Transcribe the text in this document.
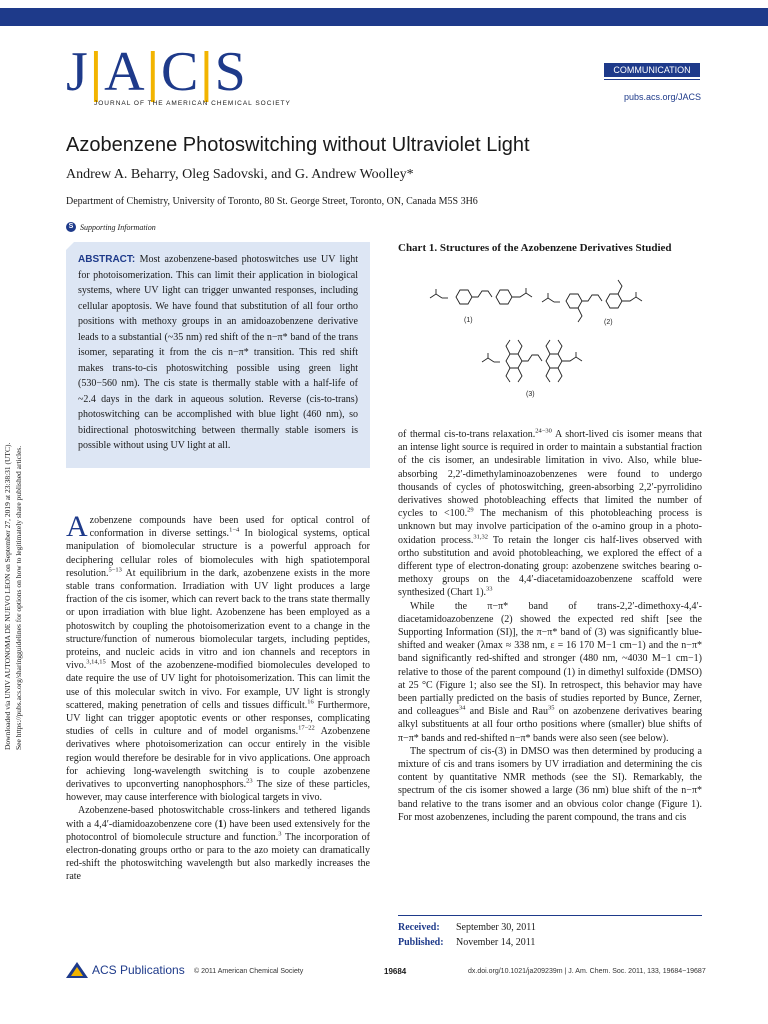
J|A|C|S
JOURNAL OF THE AMERICAN CHEMICAL SOCIETY
COMMUNICATION
pubs.acs.org/JACS
Azobenzene Photoswitching without Ultraviolet Light
Andrew A. Beharry, Oleg Sadovski, and G. Andrew Woolley*
Department of Chemistry, University of Toronto, 80 St. George Street, Toronto, ON, Canada M5S 3H6
S Supporting Information
ABSTRACT: Most azobenzene-based photoswitches use UV light for photoisomerization. This can limit their application in biological systems, where UV light can trigger unwanted responses, including cellular apoptosis. We have found that substitution of all four ortho positions with methoxy groups in an amidoazobenzene derivative leads to a substantial (~35 nm) red shift of the n−π* band of the trans isomer, separating it from the cis n−π* transition. This red shift makes trans-to-cis photoswitching possible using green light (530−560 nm). The cis state is thermally stable with a half-life of ~2.4 days in the dark in aqueous solution. Reverse (cis-to-trans) photoswitching can be accomplished with blue light (460 nm), so bidirectional photoswitching between thermally stable isomers is possible without using UV light at all.
Downloaded via UNIV AUTONOMA DE NUEVO LEON on September 27, 2019 at 23:38:31 (UTC). See https://pubs.acs.org/sharingguidelines for options on how to legitimately share published articles. Azobenzene compounds have been used for optical control of conformation in diverse settings.$^{1-4}$ In biological systems, optical manipulation of biomolecular structure is a powerful approach for deciphering cellular roles of biomolecules with high spatiotemporal resolution.$^{5-13}$ At equilibrium in the dark, azobenzene exists in the more stable trans conformation. Irradiation with UV light produces a large fraction of the cis isomer, which can revert back to the trans state thermally or upon irradiation with blue light. Azobenzene has been employed as a photoswitch by coupling the photoisomerization event to a change in the structure/function of numerous biomolecular targets, including peptides, proteins, and nucleic acids in vitro and ion channels and receptors in vivo.$^{3,14,15}$ Most of the azobenzene-modified biomolecules developed to date require the use of UV light for photoisomerization. This can limit the use of this molecular switch in vivo. For example, UV light is strongly scattered, making penetration of cells and tissues difficult.$^{16}$ Furthermore, UV light can trigger apoptotic events or other responses, complicating studies of cells in culture and of model organisms.$^{17-22}$ Azobenzene derivatives where photoisomerization can occur entirely in the visible region would therefore be desirable for in vivo applications. One approach for achieving long-wavelength switching is to couple azobenzene derivatives to upconverting nanophosphors.$^{23}$ The size of these particles, however, may cause interference with biological targets in vivo.

Azobenzene-based photoswitchable cross-linkers and tethered ligands with a 4,4′-diamidoazobenzene core (1) have been used extensively for the photocontrol of biomolecule structure and function.$^3$ The incorporation of electron-donating groups ortho or para to the azo moiety can dramatically red-shift the photoswitching wavelength but also markedly increases the rate

Chart 1. Structures of the Azobenzene Derivatives Studied
(1)	(2)
(3)

of thermal cis-to-trans relaxation.$^{24-30}$ A short-lived cis isomer means that an intense light source is required in order to maintain a substantial fraction of the cis isomer, an undesirable limitation in vivo. Also, while blue-absorbing 2,2′-dimethylaminoazobenzenes were found to undergo thousands of cycles of photoswitching, green-absorbing 2,2′-pyrrolidino derivatives showed photobleaching effects that limited the number of cycles to <100.29 The mechanism of this photobleaching process is unknown but may involve participation of the o-amino group in a photo-oxidation process.$^{31,32}$ To retain the longer cis half-lives observed with ortho substitution and avoid photobleaching, we explored the effect of a different type of electron-donating group: azobenzene switches bearing o-methoxy groups on the 4,4′-diacetamidoazobenzene scaffold were synthesized (Chart 1).$^{33}$

While the π−π* band of trans-2,2′-dimethoxy-4,4′-diacetamidoazobenzene (2) showed the expected red shift [see the Supporting Information (SI)], the π−π* band of (3) was significantly blue-shifted and weaker (λmax ≈ 338 nm, ε = 16 170 M−1 cm−1) and the n−π* band significantly red-shifted and stronger (480 nm, ~4030 M−1 cm−1) relative to those of the parent compound (1) in dimethyl sulfoxide (DMSO) at 25 °C (Figure 1; also see the SI). In retrospect, this behavior may have been partially predicted on the basis of studies reported by Bunce, Zerner, and colleagues$^{34}$ and Bisle and Rau$^{35}$ on azobenzene derivatives bearing alkyl substituents at all four ortho positions where (smaller) blue shifts of π−π* bands and red-shifted n−π* bands were also seen (see below).

The spectrum of cis-(3) in DMSO was then determined by producing a mixture of cis and trans isomers by UV irradiation and determining the cis content by quantitative NMR methods (see the SI). Remarkably, the spectrum of the cis isomer showed a large (36 nm) blue shift of the n−π* band relative to the trans isomer and an obvious color change (Figure 1). For most azobenzenes, including the parent compound, the trans and cis

Received: September 30, 2011
Published: November 14, 2011
ACS Publications © 2011 American Chemical Society	19684	dx.doi.org/10.1021/ja209239m | J. Am. Chem. Soc. 2011, 133, 19684−19687
